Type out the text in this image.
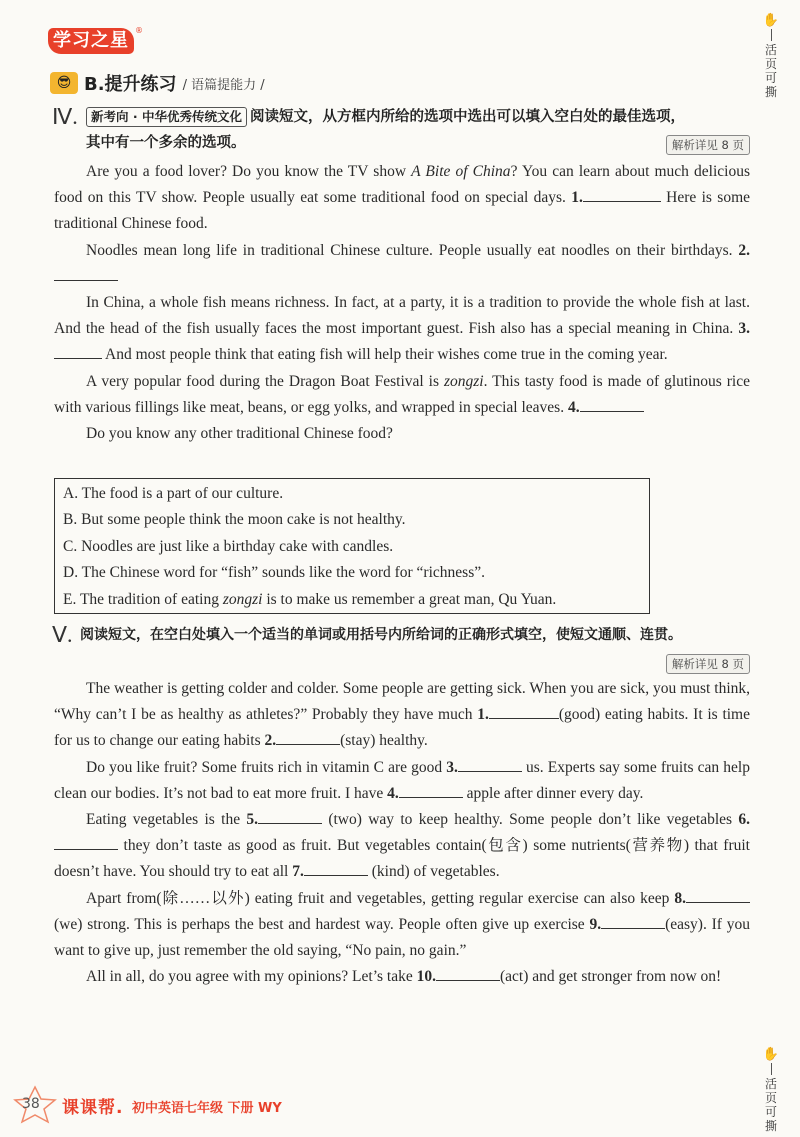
学习之星 ®
✋
活
页
可
撕
😎 B.提升练习 / 语篇提能力 /
Ⅳ.	新考向 · 中华优秀传统文化 阅读短文，从方框内所给的选项中选出可以填入空白处的最佳选项，
其中有一个多余的选项。	解析详见 8 页

Are you a food lover? Do you know the TV show A Bite of China? You can learn about much delicious food on this TV show. People usually eat some traditional food on special days. 1.	Here is some traditional Chinese food.

Noodles mean long life in traditional Chinese culture. People usually eat noodles on their birthdays. 2.

In China, a whole fish means richness. In fact, at a party, it is a tradition to provide the whole fish at last. And the head of the fish usually faces the most important guest. Fish also has a special meaning in China. 3. And most people think that eating fish will help their wishes come true in the coming year.

A very popular food during the Dragon Boat Festival is zongzi. This tasty food is made of glutinous rice with various fillings like meat, beans, or egg yolks, and wrapped in special leaves. 4.

Do you know any other traditional Chinese food?

A. The food is a part of our culture.
B. But some people think the moon cake is not healthy.
C. Noodles are just like a birthday cake with candles.
D. The Chinese word for “fish” sounds like the word for “richness”.
E. The tradition of eating zongzi is to make us remember a great man, Qu Yuan.
Ⅴ. 阅读短文，在空白处填入一个适当的单词或用括号内所给词的正确形式填空，使短文通顺、连贯。
解析详见 8 页

The weather is getting colder and colder. Some people are getting sick. When you are sick, you must think, “Why can’t I be as healthy as athletes?” Probably they have much 1.	(good) eating habits. It is time for us to change our eating habits 2.	(stay) healthy.

Do you like fruit? Some fruits rich in vitamin C are good 3.	us. Experts say some fruits can help clean our bodies. It’s not bad to eat more fruit. I have 4.	apple after dinner every day.

Eating vegetables is the 5.	(two) way to keep healthy. Some people don’t like vegetables 6. they don’t taste as good as fruit. But vegetables contain(包含) some nutrients(营养物) that fruit doesn’t have. You should try to eat all 7.	(kind) of vegetables.

Apart from(除……以外) eating fruit and vegetables, getting regular exercise can also keep 8.(we) strong. This is perhaps the best and hardest way. People often give up exercise 9.	(easy). If you want to give up, just remember the old saying, “No pain, no gain.”

All in all, do you agree with my opinions? Let’s take 10.	(act) and get stronger from now on!

✋
活
页
可
撕
38 课课帮. 初中英语七年级 下册 WY
